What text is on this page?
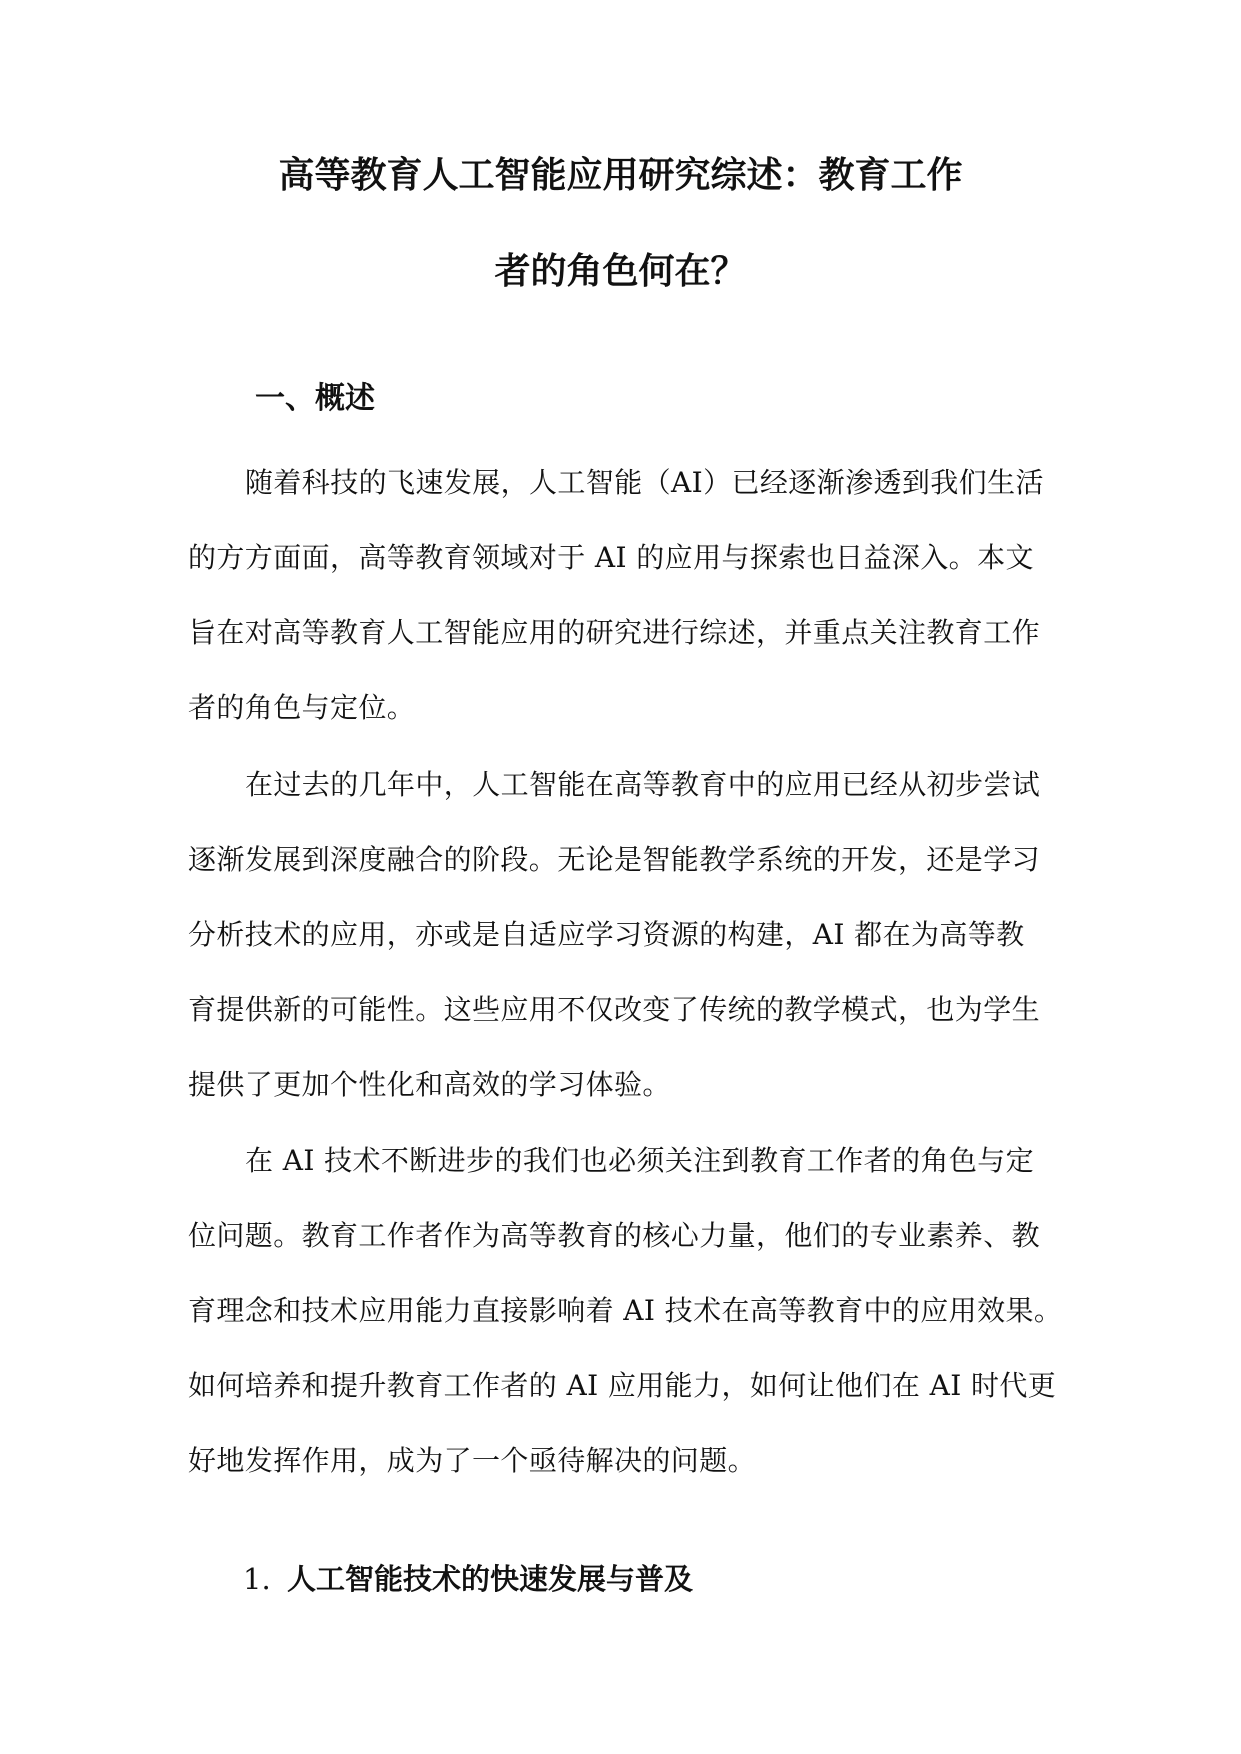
高等教育人工智能应用研究综述：教育工作
者的角色何在？
一、概述
随着科技的飞速发展，人工智能（AI）已经逐渐渗透到我们生活
的方方面面，高等教育领域对于 AI 的应用与探索也日益深入。本文
旨在对高等教育人工智能应用的研究进行综述，并重点关注教育工作
者的角色与定位。
在过去的几年中，人工智能在高等教育中的应用已经从初步尝试
逐渐发展到深度融合的阶段。无论是智能教学系统的开发，还是学习
分析技术的应用，亦或是自适应学习资源的构建，AI 都在为高等教
育提供新的可能性。这些应用不仅改变了传统的教学模式，也为学生
提供了更加个性化和高效的学习体验。
在 AI 技术不断进步的我们也必须关注到教育工作者的角色与定
位问题。教育工作者作为高等教育的核心力量，他们的专业素养、教
育理念和技术应用能力直接影响着 AI 技术在高等教育中的应用效果。
如何培养和提升教育工作者的 AI 应用能力，如何让他们在 AI 时代更
好地发挥作用，成为了一个亟待解决的问题。
1. 人工智能技术的快速发展与普及
